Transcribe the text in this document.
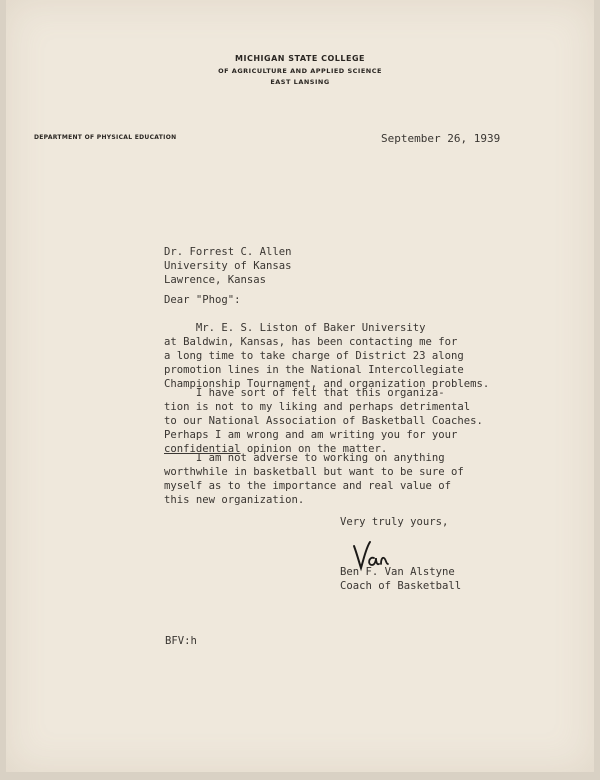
MICHIGAN STATE COLLEGE
OF AGRICULTURE AND APPLIED SCIENCE
EAST LANSING
DEPARTMENT OF PHYSICAL EDUCATION	September 26, 1939
Dr. Forrest C. Allen
University of Kansas
Lawrence, Kansas
Dear "Phog":
Mr. E. S. Liston of Baker University
at Baldwin, Kansas, has been contacting me for
a long time to take charge of District 23 along
promotion lines in the National Intercollegiate
Championship Tournament, and organization problems.
I have sort of felt that this organiza-
tion is not to my liking and perhaps detrimental
to our National Association of Basketball Coaches.
Perhaps I am wrong and am writing you for your
confidential opinion on the matter.
I am not adverse to working on anything
worthwhile in basketball but want to be sure of
myself as to the importance and real value of
this new organization.
Very truly yours,
Ben F. Van Alstyne
Coach of Basketball
BFV:h
